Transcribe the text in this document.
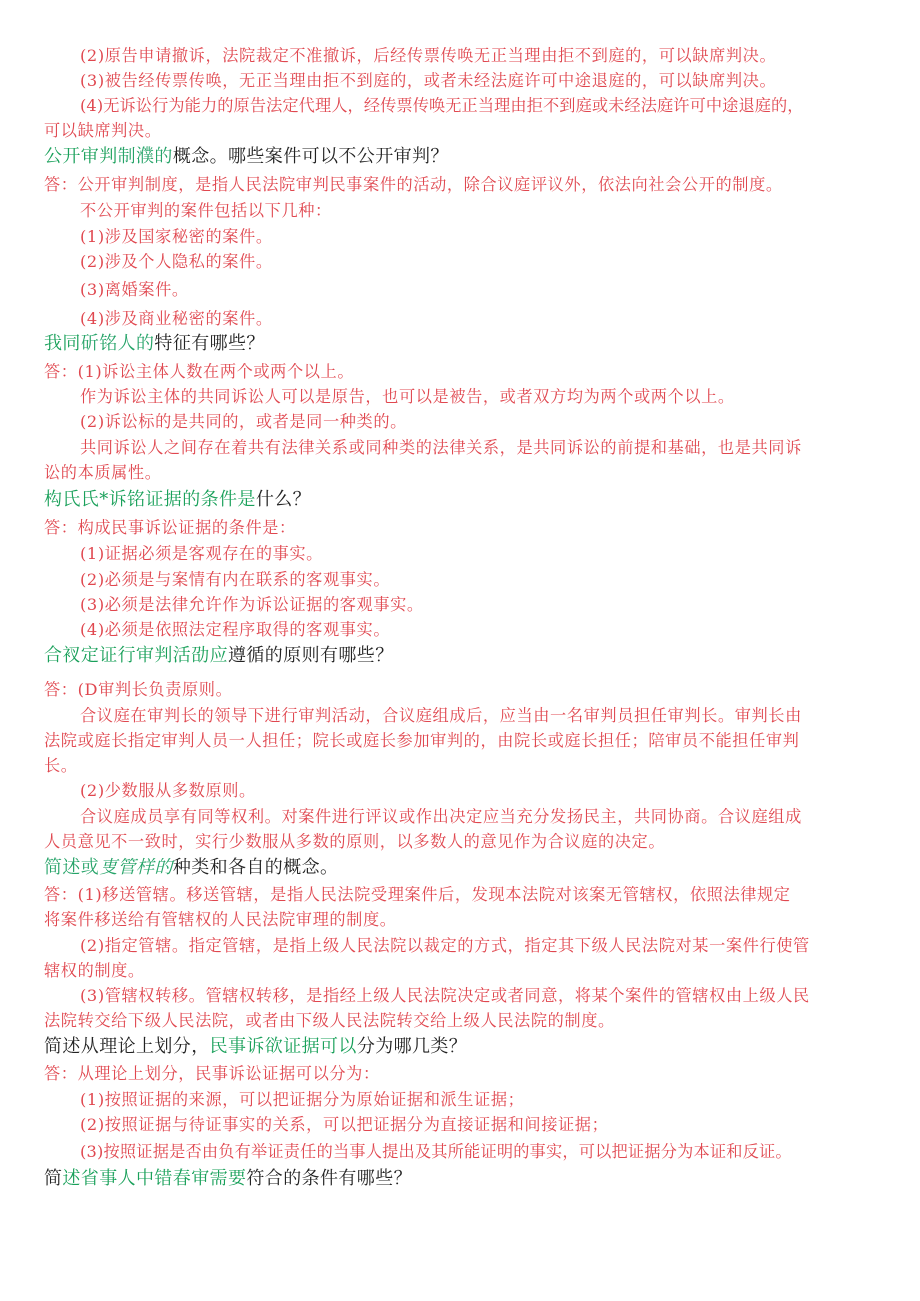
(2)原告申请撤诉，法院裁定不准撤诉，后经传票传唤无正当理由拒不到庭的，可以缺席判决。
(3)被告经传票传唤，无正当理由拒不到庭的，或者未经法庭许可中途退庭的，可以缺席判决。
(4)无诉讼行为能力的原告法定代理人，经传票传唤无正当理由拒不到庭或未经法庭许可中途退庭的，
可以缺席判决。
公开审判制濮的概念。哪些案件可以不公开审判？
答：公开审判制度，是指人民法院审判民事案件的活动，除合议庭评议外，依法向社会公开的制度。
不公开审判的案件包括以下几种：
(1)涉及国家秘密的案件。
(2)涉及个人隐私的案件。
(3)离婚案件。
(4)涉及商业秘密的案件。
我同斫铭人的特征有哪些？
答：(1)诉讼主体人数在两个或两个以上。
作为诉讼主体的共同诉讼人可以是原告，也可以是被告，或者双方均为两个或两个以上。
(2)诉讼标的是共同的，或者是同一种类的。
共同诉讼人之间存在着共有法律关系或同种类的法律关系，是共同诉讼的前提和基础，也是共同诉
讼的本质属性。
构氏氏*诉铭证据的条件是什么？
答：构成民事诉讼证据的条件是：
(1)证据必须是客观存在的事实。
(2)必须是与案情有内在联系的客观事实。
(3)必须是法律允许作为诉讼证据的客观事实。
(4)必须是依照法定程序取得的客观事实。
合衩定证行审判活劭应遵循的原则有哪些？
答：(D审判长负责原则。
合议庭在审判长的领导下进行审判活动，合议庭组成后，应当由一名审判员担任审判长。审判长由
法院或庭长指定审判人员一人担任；院长或庭长参加审判的，由院长或庭长担任；陪审员不能担任审判
长。
(2)少数服从多数原则。
合议庭成员享有同等权利。对案件进行评议或作出决定应当充分发扬民主，共同协商。合议庭组成
人员意见不一致时，实行少数服从多数的原则，以多数人的意见作为合议庭的决定。
简述或叓管样的种类和各自的概念。
答：(1)移送管辖。移送管辖，是指人民法院受理案件后，发现本法院对该案无管辖权，依照法律规定
将案件移送给有管辖权的人民法院审理的制度。
(2)指定管辖。指定管辖，是指上级人民法院以裁定的方式，指定其下级人民法院对某一案件行使管
辖权的制度。
(3)管辖权转移。管辖权转移，是指经上级人民法院决定或者同意，将某个案件的管辖权由上级人民
法院转交给下级人民法院，或者由下级人民法院转交给上级人民法院的制度。
简述从理论上划分，民事诉欲证据可以分为哪几类？
答：从理论上划分，民事诉讼证据可以分为：
(1)按照证据的来源，可以把证据分为原始证据和派生证据；
(2)按照证据与待证事实的关系，可以把证据分为直接证据和间接证据；
(3)按照证据是否由负有举证责任的当事人提出及其所能证明的事实，可以把证据分为本证和反证。
简述省事人中错春审需要符合的条件有哪些？
